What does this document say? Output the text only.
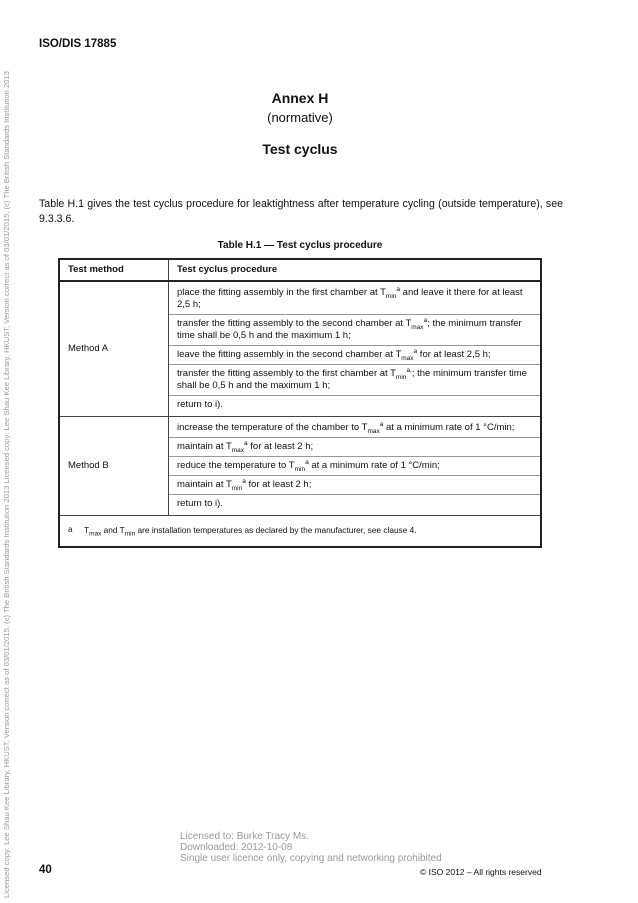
Licensed copy: Lee Shau Kee Library, HKUST, Version correct as of 03/01/2015, (c) The British Standards Institution 2013 Licensed copy: Lee Shau Kee Library, HKUST, Version correct as of 03/01/2015, (c) The British Standards Institution 2013
ISO/DIS 17885
Annex H
(normative)
Test cyclus
Table H.1 gives the test cyclus procedure for leaktightness after temperature cycling (outside temperature), see 9.3.3.6.
Table H.1 — Test cyclus procedure
Test method	Test cyclus procedure
Method A	place the fitting assembly in the first chamber at $T_{min}^a$ and leave it there for at least 2,5 h;
transfer the fitting assembly to the second chamber at $T_{max}^a$; the minimum transfer time shall be 0,5 h and the maximum 1 h;
leave the fitting assembly in the second chamber at $T_{max}^a$ for at least 2,5 h;
transfer the fitting assembly to the first chamber at $T_{min}^{a,}$; the minimum transfer time shall be 0,5 h and the maximum 1 h;
return to i).

Method B	increase the temperature of the chamber to $T_{max}^a$ at a minimum rate of 1 °C/min;
maintain at $T_{max}^a$ for at least 2 h;
reduce the temperature to $T_{min}^a$ at a minimum rate of 1 °C/min;
maintain at $T_{min}^a$ for at least 2 h;
return to i).

a $T_{max}$ and $T_{min}$ are installation temperatures as declared by the manufacturer, see clause 4.	
Licensed to: Burke Tracy Ms.
Downloaded: 2012-10-08
Single user licence only, copying and networking prohibited
40	© ISO 2012 – All rights reserved
